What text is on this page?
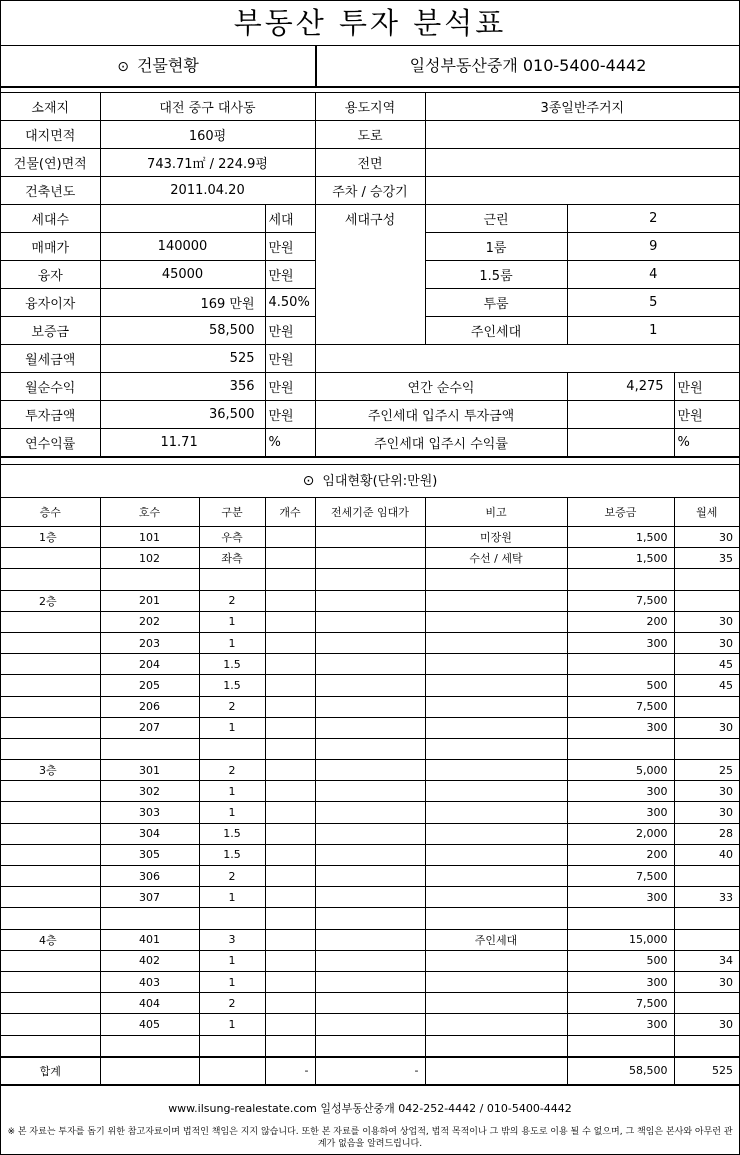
부동산 투자 분석표
⊙ 건물현황	일성부동산중개 010-5400-4442
소재지	대전 중구 대사동		용도지역	3종일반주거지		
대지면적	160평		도로			
건물(연)면적	743.71㎡ / 224.9평		전면			
건축년도	2011.04.20		주차 / 승강기			
세대수		세대	세대구성	근린	2	
매매가	140000	만원		1룸	9	
융자	45000	만원		1.5룸	4	
융자이자	169 만원	4.50%		투룸	5	
보증금	58,500	만원		주인세대	1	
월세금액	525	만원				
월순수익	356	만원	연간 순수익		4,275	만원
투자금액	36,500	만원	주인세대 입주시 투자금액			만원
연수익률	11.71	%	주인세대 입주시 수익률			%
⊙ 임대현황(단위:만원)
층수	호수	구분	개수	전세기준 임대가	비고	보증금	월세
1층	101	우측			미장원	1,500	30
	102	좌측			수선 / 세탁	1,500	35

2층	201	2				7,500	
	202	1				200	30
	203	1				300	30
	204	1.5					45
	205	1.5				500	45
	206	2				7,500	
	207	1				300	30

3층	301	2				5,000	25
	302	1				300	30
	303	1				300	30
	304	1.5				2,000	28
	305	1.5				200	40
	306	2				7,500	
	307	1				300	33

4층	401	3			주인세대	15,000	
	402	1				500	34
	403	1				300	30
	404	2				7,500	
	405	1				300	30

합계			-	-		58,500	525
www.ilsung-realestate.com 일성부동산중개 042-252-4442 / 010-5400-4442
※ 본 자료는 투자를 돕기 위한 참고자료이며 법적인 책임은 지지 않습니다. 또한 본 자료를 이용하여 상업적, 법적 목적이나 그 밖의 용도로 이용 될 수 없으며, 그 책임은 본사와 아무런 관계가 없음을 알려드립니다.
